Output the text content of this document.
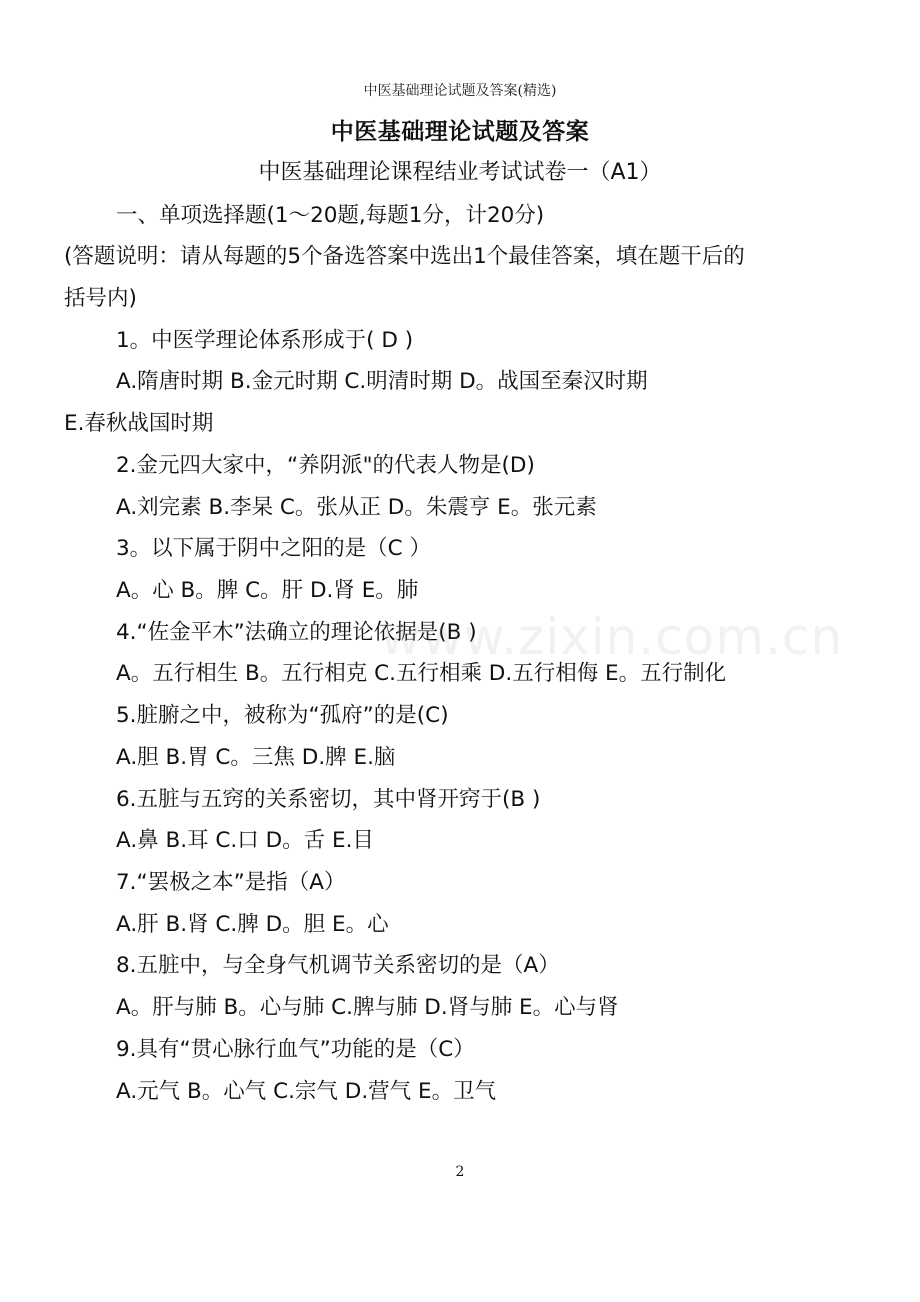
中医基础理论试题及答案(精选)
中医基础理论试题及答案
中医基础理论课程结业考试试卷一（A1）
一、单项选择题(1～20题,每题1分，计20分)
(答题说明：请从每题的5个备选答案中选出1个最佳答案，填在题干后的
括号内)
1。中医学理论体系形成于( D )
A.隋唐时期 B.金元时期 C.明清时期 D。战国至秦汉时期
E.春秋战国时期
2.金元四大家中，“养阴派"的代表人物是(D)
A.刘完素 B.李杲 C。张从正 D。朱震亨 E。张元素
3。以下属于阴中之阳的是（C ）
A。心 B。脾 C。肝 D.肾 E。肺
4.“佐金平木”法确立的理论依据是(B )
A。五行相生 B。五行相克 C.五行相乘 D.五行相侮 E。五行制化
5.脏腑之中，被称为“孤府”的是(C)
A.胆 B.胃 C。三焦 D.脾 E.脑
6.五脏与五窍的关系密切，其中肾开窍于(B )
A.鼻 B.耳 C.口 D。舌 E.目
7.“罢极之本”是指（A）
A.肝 B.肾 C.脾 D。胆 E。心
8.五脏中，与全身气机调节关系密切的是（A）
A。肝与肺 B。心与肺 C.脾与肺 D.肾与肺 E。心与肾
9.具有“贯心脉行血气”功能的是（C）
A.元气 B。心气 C.宗气 D.营气 E。卫气
www.zixin.com.cn
2
